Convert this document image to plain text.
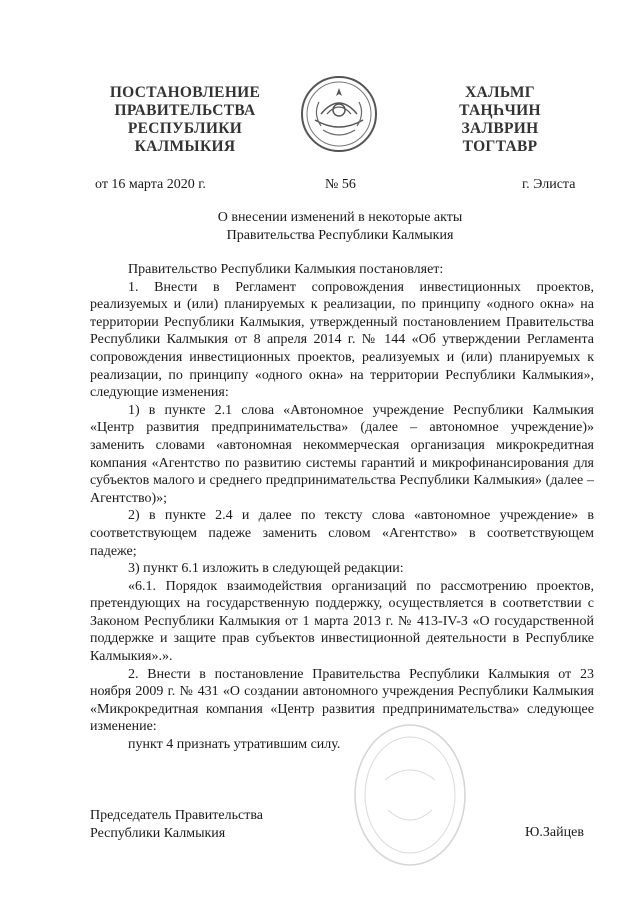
ПОСТАНОВЛЕНИЕ
ПРАВИТЕЛЬСТВА
РЕСПУБЛИКИ
КАЛМЫКИЯ
ХАЛЬМГ
ТАҢҺЧИН
ЗАЛВРИН
ТОГТАВР
от 16 марта 2020 г.	№ 56	г. Элиста
О внесении изменений в некоторые акты
Правительства Республики Калмыкия

Правительство Республики Калмыкия постановляет:

1. Внести в Регламент сопровождения инвестиционных проектов, реализуемых и (или) планируемых к реализации, по принципу «одного окна» на территории Республики Калмыкия, утвержденный постановлением Правительства Республики Калмыкия от 8 апреля 2014 г. № 144 «Об утверждении Регламента сопровождения инвестиционных проектов, реализуемых и (или) планируемых к реализации, по принципу «одного окна» на территории Республики Калмыкия», следующие изменения:

1) в пункте 2.1 слова «Автономное учреждение Республики Калмыкия «Центр развития предпринимательства» (далее – автономное учреждение)» заменить словами «автономная некоммерческая организация микрокредитная компания «Агентство по развитию системы гарантий и микрофинансирования для субъектов малого и среднего предпринимательства Республики Калмыкия» (далее – Агентство)»;

2) в пункте 2.4 и далее по тексту слова «автономное учреждение» в соответствующем падеже заменить словом «Агентство» в соответствующем падеже;

3) пункт 6.1 изложить в следующей редакции:

«6.1. Порядок взаимодействия организаций по рассмотрению проектов, претендующих на государственную поддержку, осуществляется в соответствии с Законом Республики Калмыкия от 1 марта 2013 г. № 413-IV-З «О государственной поддержке и защите прав субъектов инвестиционной деятельности в Республике Калмыкия».».

2. Внести в постановление Правительства Республики Калмыкия от 23 ноября 2009 г. № 431 «О создании автономного учреждения Республики Калмыкия «Микрокредитная компания «Центр развития предпринимательства» следующее изменение:

пункт 4 признать утратившим силу.

Председатель Правительства
Республики Калмыкия	Ю.Зайцев
